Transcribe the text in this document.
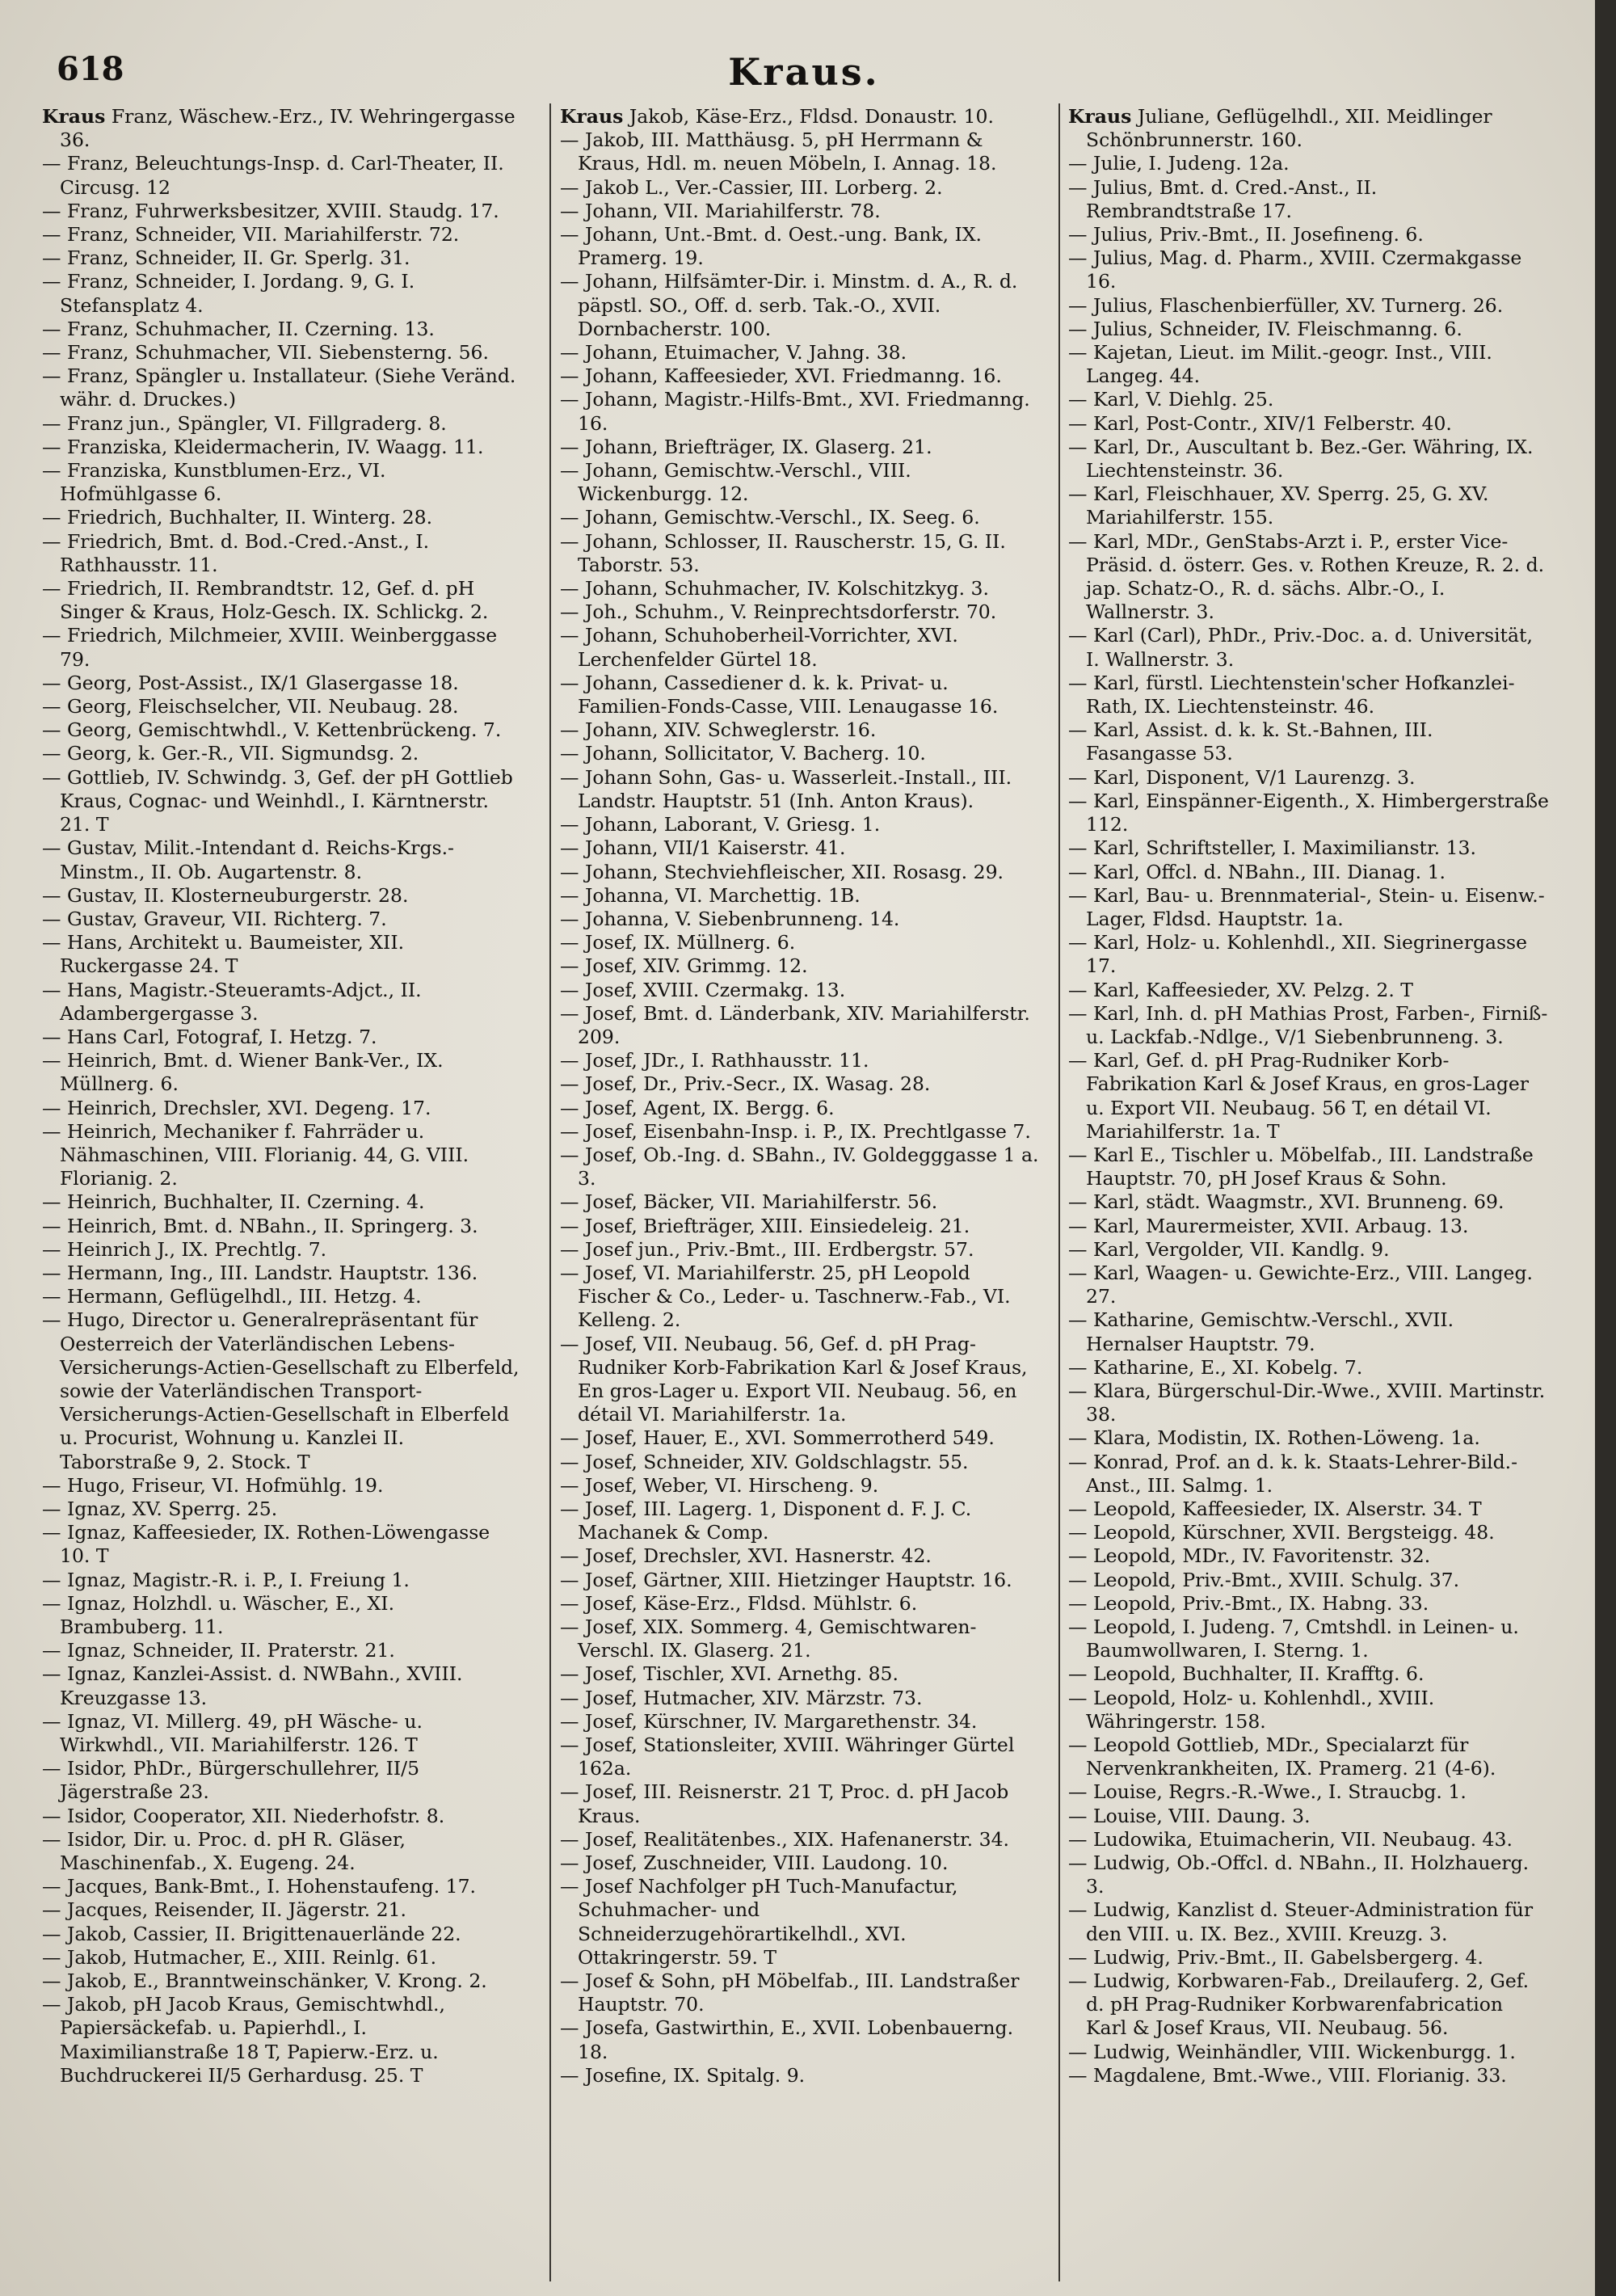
618	Kraus.
Kraus Franz, Wäschew.-Erz., IV. Wehringergasse 36.
— Franz, Beleuchtungs-Insp. d. Carl-Theater, II. Circusg. 12
— Franz, Fuhrwerksbesitzer, XVIII. Staudg. 17.
— Franz, Schneider, VII. Mariahilferstr. 72.
— Franz, Schneider, II. Gr. Sperlg. 31.
— Franz, Schneider, I. Jordang. 9, G. I. Stefansplatz 4.
— Franz, Schuhmacher, II. Czerning. 13.
— Franz, Schuhmacher, VII. Siebensterng. 56.
— Franz, Spängler u. Installateur. (Siehe Veränd. währ. d. Druckes.)
— Franz jun., Spängler, VI. Fillgraderg. 8.
— Franziska, Kleidermacherin, IV. Waagg. 11.
— Franziska, Kunstblumen-Erz., VI. Hofmühlgasse 6.
— Friedrich, Buchhalter, II. Winterg. 28.
— Friedrich, Bmt. d. Bod.-Cred.-Anst., I. Rathhausstr. 11.
— Friedrich, II. Rembrandtstr. 12, Gef. d. pH Singer & Kraus, Holz-Gesch. IX. Schlickg. 2.
— Friedrich, Milchmeier, XVIII. Weinberggasse 79.
— Georg, Post-Assist., IX/1 Glasergasse 18.
— Georg, Fleischselcher, VII. Neubaug. 28.
— Georg, Gemischtwhdl., V. Kettenbrückeng. 7.
— Georg, k. Ger.-R., VII. Sigmundsg. 2.
— Gottlieb, IV. Schwindg. 3, Gef. der pH Gottlieb Kraus, Cognac- und Weinhdl., I. Kärntnerstr. 21. T
— Gustav, Milit.-Intendant d. Reichs-Krgs.-Minstm., II. Ob. Augartenstr. 8.
— Gustav, II. Klosterneuburgerstr. 28.
— Gustav, Graveur, VII. Richterg. 7.
— Hans, Architekt u. Baumeister, XII. Ruckergasse 24. T
— Hans, Magistr.-Steueramts-Adjct., II. Adambergergasse 3.
— Hans Carl, Fotograf, I. Hetzg. 7.
— Heinrich, Bmt. d. Wiener Bank-Ver., IX. Müllnerg. 6.
— Heinrich, Drechsler, XVI. Degeng. 17.
— Heinrich, Mechaniker f. Fahrräder u. Nähmaschinen, VIII. Florianig. 44, G. VIII. Florianig. 2.
— Heinrich, Buchhalter, II. Czerning. 4.
— Heinrich, Bmt. d. NBahn., II. Springerg. 3.
— Heinrich J., IX. Prechtlg. 7.
— Hermann, Ing., III. Landstr. Hauptstr. 136.
— Hermann, Geflügelhdl., III. Hetzg. 4.
— Hugo, Director u. Generalrepräsentant für Oesterreich der Vaterländischen Lebens-Versicherungs-Actien-Gesellschaft zu Elberfeld, sowie der Vaterländischen Transport-Versicherungs-Actien-Gesellschaft in Elberfeld u. Procurist, Wohnung u. Kanzlei II. Taborstraße 9, 2. Stock. T
— Hugo, Friseur, VI. Hofmühlg. 19.
— Ignaz, XV. Sperrg. 25.
— Ignaz, Kaffeesieder, IX. Rothen-Löwengasse 10. T
— Ignaz, Magistr.-R. i. P., I. Freiung 1.
— Ignaz, Holzhdl. u. Wäscher, E., XI. Brambuberg. 11.
— Ignaz, Schneider, II. Praterstr. 21.
— Ignaz, Kanzlei-Assist. d. NWBahn., XVIII. Kreuzgasse 13.
— Ignaz, VI. Millerg. 49, pH Wäsche- u. Wirkwhdl., VII. Mariahilferstr. 126. T
— Isidor, PhDr., Bürgerschullehrer, II/5 Jägerstraße 23.
— Isidor, Cooperator, XII. Niederhofstr. 8.
— Isidor, Dir. u. Proc. d. pH R. Gläser, Maschinenfab., X. Eugeng. 24.
— Jacques, Bank-Bmt., I. Hohenstaufeng. 17.
— Jacques, Reisender, II. Jägerstr. 21.
— Jakob, Cassier, II. Brigittenauerlände 22.
— Jakob, Hutmacher, E., XIII. Reinlg. 61.
— Jakob, E., Branntweinschänker, V. Krong. 2.
— Jakob, pH Jacob Kraus, Gemischtwhdl., Papiersäckefab. u. Papierhdl., I. Maximilianstraße 18 T, Papierw.-Erz. u. Buchdruckerei II/5 Gerhardusg. 25. T
Kraus Jakob, Käse-Erz., Fldsd. Donaustr. 10.
— Jakob, III. Matthäusg. 5, pH Herrmann & Kraus, Hdl. m. neuen Möbeln, I. Annag. 18.
— Jakob L., Ver.-Cassier, III. Lorberg. 2.
— Johann, VII. Mariahilferstr. 78.
— Johann, Unt.-Bmt. d. Oest.-ung. Bank, IX. Pramerg. 19.
— Johann, Hilfsämter-Dir. i. Minstm. d. A., R. d. päpstl. SO., Off. d. serb. Tak.-O., XVII. Dornbacherstr. 100.
— Johann, Etuimacher, V. Jahng. 38.
— Johann, Kaffeesieder, XVI. Friedmanng. 16.
— Johann, Magistr.-Hilfs-Bmt., XVI. Friedmanng. 16.
— Johann, Briefträger, IX. Glaserg. 21.
— Johann, Gemischtw.-Verschl., VIII. Wickenburgg. 12.
— Johann, Gemischtw.-Verschl., IX. Seeg. 6.
— Johann, Schlosser, II. Rauscherstr. 15, G. II. Taborstr. 53.
— Johann, Schuhmacher, IV. Kolschitzkyg. 3.
— Joh., Schuhm., V. Reinprechtsdorferstr. 70.
— Johann, Schuhoberheil-Vorrichter, XVI. Lerchenfelder Gürtel 18.
— Johann, Cassediener d. k. k. Privat- u. Familien-Fonds-Casse, VIII. Lenaugasse 16.
— Johann, XIV. Schweglerstr. 16.
— Johann, Sollicitator, V. Bacherg. 10.
— Johann Sohn, Gas- u. Wasserleit.-Install., III. Landstr. Hauptstr. 51 (Inh. Anton Kraus).
— Johann, Laborant, V. Griesg. 1.
— Johann, VII/1 Kaiserstr. 41.
— Johann, Stechviehfleischer, XII. Rosasg. 29.
— Johanna, VI. Marchettig. 1B.
— Johanna, V. Siebenbrunneng. 14.
— Josef, IX. Müllnerg. 6.
— Josef, XIV. Grimmg. 12.
— Josef, XVIII. Czermakg. 13.
— Josef, Bmt. d. Länderbank, XIV. Mariahilferstr. 209.
— Josef, JDr., I. Rathhausstr. 11.
— Josef, Dr., Priv.-Secr., IX. Wasag. 28.
— Josef, Agent, IX. Bergg. 6.
— Josef, Eisenbahn-Insp. i. P., IX. Prechtlgasse 7.
— Josef, Ob.-Ing. d. SBahn., IV. Goldegggasse 1 a. 3.
— Josef, Bäcker, VII. Mariahilferstr. 56.
— Josef, Briefträger, XIII. Einsiedeleig. 21.
— Josef jun., Priv.-Bmt., III. Erdbergstr. 57.
— Josef, VI. Mariahilferstr. 25, pH Leopold Fischer & Co., Leder- u. Taschnerw.-Fab., VI. Kelleng. 2.
— Josef, VII. Neubaug. 56, Gef. d. pH Prag-Rudniker Korb-Fabrikation Karl & Josef Kraus, En gros-Lager u. Export VII. Neubaug. 56, en détail VI. Mariahilferstr. 1a.
— Josef, Hauer, E., XVI. Sommerrotherd 549.
— Josef, Schneider, XIV. Goldschlagstr. 55.
— Josef, Weber, VI. Hirscheng. 9.
— Josef, III. Lagerg. 1, Disponent d. F. J. C. Machanek & Comp.
— Josef, Drechsler, XVI. Hasnerstr. 42.
— Josef, Gärtner, XIII. Hietzinger Hauptstr. 16.
— Josef, Käse-Erz., Fldsd. Mühlstr. 6.
— Josef, XIX. Sommerg. 4, Gemischtwaren-Verschl. IX. Glaserg. 21.
— Josef, Tischler, XVI. Arnethg. 85.
— Josef, Hutmacher, XIV. Märzstr. 73.
— Josef, Kürschner, IV. Margarethenstr. 34.
— Josef, Stationsleiter, XVIII. Währinger Gürtel 162a.
— Josef, III. Reisnerstr. 21 T, Proc. d. pH Jacob Kraus.
— Josef, Realitätenbes., XIX. Hafenanerstr. 34.
— Josef, Zuschneider, VIII. Laudong. 10.
— Josef Nachfolger pH Tuch-Manufactur, Schuhmacher- und Schneiderzugehörartikelhdl., XVI. Ottakringerstr. 59. T
— Josef & Sohn, pH Möbelfab., III. Landstraßer Hauptstr. 70.
— Josefa, Gastwirthin, E., XVII. Lobenbauerng. 18.
— Josefine, IX. Spitalg. 9.
Kraus Juliane, Geflügelhdl., XII. Meidlinger Schönbrunnerstr. 160.
— Julie, I. Judeng. 12a.
— Julius, Bmt. d. Cred.-Anst., II. Rembrandtstraße 17.
— Julius, Priv.-Bmt., II. Josefineng. 6.
— Julius, Mag. d. Pharm., XVIII. Czermakgasse 16.
— Julius, Flaschenbierfüller, XV. Turnerg. 26.
— Julius, Schneider, IV. Fleischmanng. 6.
— Kajetan, Lieut. im Milit.-geogr. Inst., VIII. Langeg. 44.
— Karl, V. Diehlg. 25.
— Karl, Post-Contr., XIV/1 Felberstr. 40.
— Karl, Dr., Auscultant b. Bez.-Ger. Währing, IX. Liechtensteinstr. 36.
— Karl, Fleischhauer, XV. Sperrg. 25, G. XV. Mariahilferstr. 155.
— Karl, MDr., GenStabs-Arzt i. P., erster Vice-Präsid. d. österr. Ges. v. Rothen Kreuze, R. 2. d. jap. Schatz-O., R. d. sächs. Albr.-O., I. Wallnerstr. 3.
— Karl (Carl), PhDr., Priv.-Doc. a. d. Universität, I. Wallnerstr. 3.
— Karl, fürstl. Liechtenstein'scher Hofkanzlei-Rath, IX. Liechtensteinstr. 46.
— Karl, Assist. d. k. k. St.-Bahnen, III. Fasangasse 53.
— Karl, Disponent, V/1 Laurenzg. 3.
— Karl, Einspänner-Eigenth., X. Himbergerstraße 112.
— Karl, Schriftsteller, I. Maximilianstr. 13.
— Karl, Offcl. d. NBahn., III. Dianag. 1.
— Karl, Bau- u. Brennmaterial-, Stein- u. Eisenw.-Lager, Fldsd. Hauptstr. 1a.
— Karl, Holz- u. Kohlenhdl., XII. Siegrinergasse 17.
— Karl, Kaffeesieder, XV. Pelzg. 2. T
— Karl, Inh. d. pH Mathias Prost, Farben-, Firniß- u. Lackfab.-Ndlge., V/1 Siebenbrunneng. 3.
— Karl, Gef. d. pH Prag-Rudniker Korb-Fabrikation Karl & Josef Kraus, en gros-Lager u. Export VII. Neubaug. 56 T, en détail VI. Mariahilferstr. 1a. T
— Karl E., Tischler u. Möbelfab., III. Landstraße Hauptstr. 70, pH Josef Kraus & Sohn.
— Karl, städt. Waagmstr., XVI. Brunneng. 69.
— Karl, Maurermeister, XVII. Arbaug. 13.
— Karl, Vergolder, VII. Kandlg. 9.
— Karl, Waagen- u. Gewichte-Erz., VIII. Langeg. 27.
— Katharine, Gemischtw.-Verschl., XVII. Hernalser Hauptstr. 79.
— Katharine, E., XI. Kobelg. 7.
— Klara, Bürgerschul-Dir.-Wwe., XVIII. Martinstr. 38.
— Klara, Modistin, IX. Rothen-Löweng. 1a.
— Konrad, Prof. an d. k. k. Staats-Lehrer-Bild.-Anst., III. Salmg. 1.
— Leopold, Kaffeesieder, IX. Alserstr. 34. T
— Leopold, Kürschner, XVII. Bergsteigg. 48.
— Leopold, MDr., IV. Favoritenstr. 32.
— Leopold, Priv.-Bmt., XVIII. Schulg. 37.
— Leopold, Priv.-Bmt., IX. Habng. 33.
— Leopold, I. Judeng. 7, Cmtshdl. in Leinen- u. Baumwollwaren, I. Sterng. 1.
— Leopold, Buchhalter, II. Krafftg. 6.
— Leopold, Holz- u. Kohlenhdl., XVIII. Währingerstr. 158.
— Leopold Gottlieb, MDr., Specialarzt für Nervenkrankheiten, IX. Pramerg. 21 (4-6).
— Louise, Regrs.-R.-Wwe., I. Straucbg. 1.
— Louise, VIII. Daung. 3.
— Ludowika, Etuimacherin, VII. Neubaug. 43.
— Ludwig, Ob.-Offcl. d. NBahn., II. Holzhauerg. 3.
— Ludwig, Kanzlist d. Steuer-Administration für den VIII. u. IX. Bez., XVIII. Kreuzg. 3.
— Ludwig, Priv.-Bmt., II. Gabelsbergerg. 4.
— Ludwig, Korbwaren-Fab., Dreilauferg. 2, Gef. d. pH Prag-Rudniker Korbwarenfabrication Karl & Josef Kraus, VII. Neubaug. 56.
— Ludwig, Weinhändler, VIII. Wickenburgg. 1.
— Magdalene, Bmt.-Wwe., VIII. Florianig. 33.
